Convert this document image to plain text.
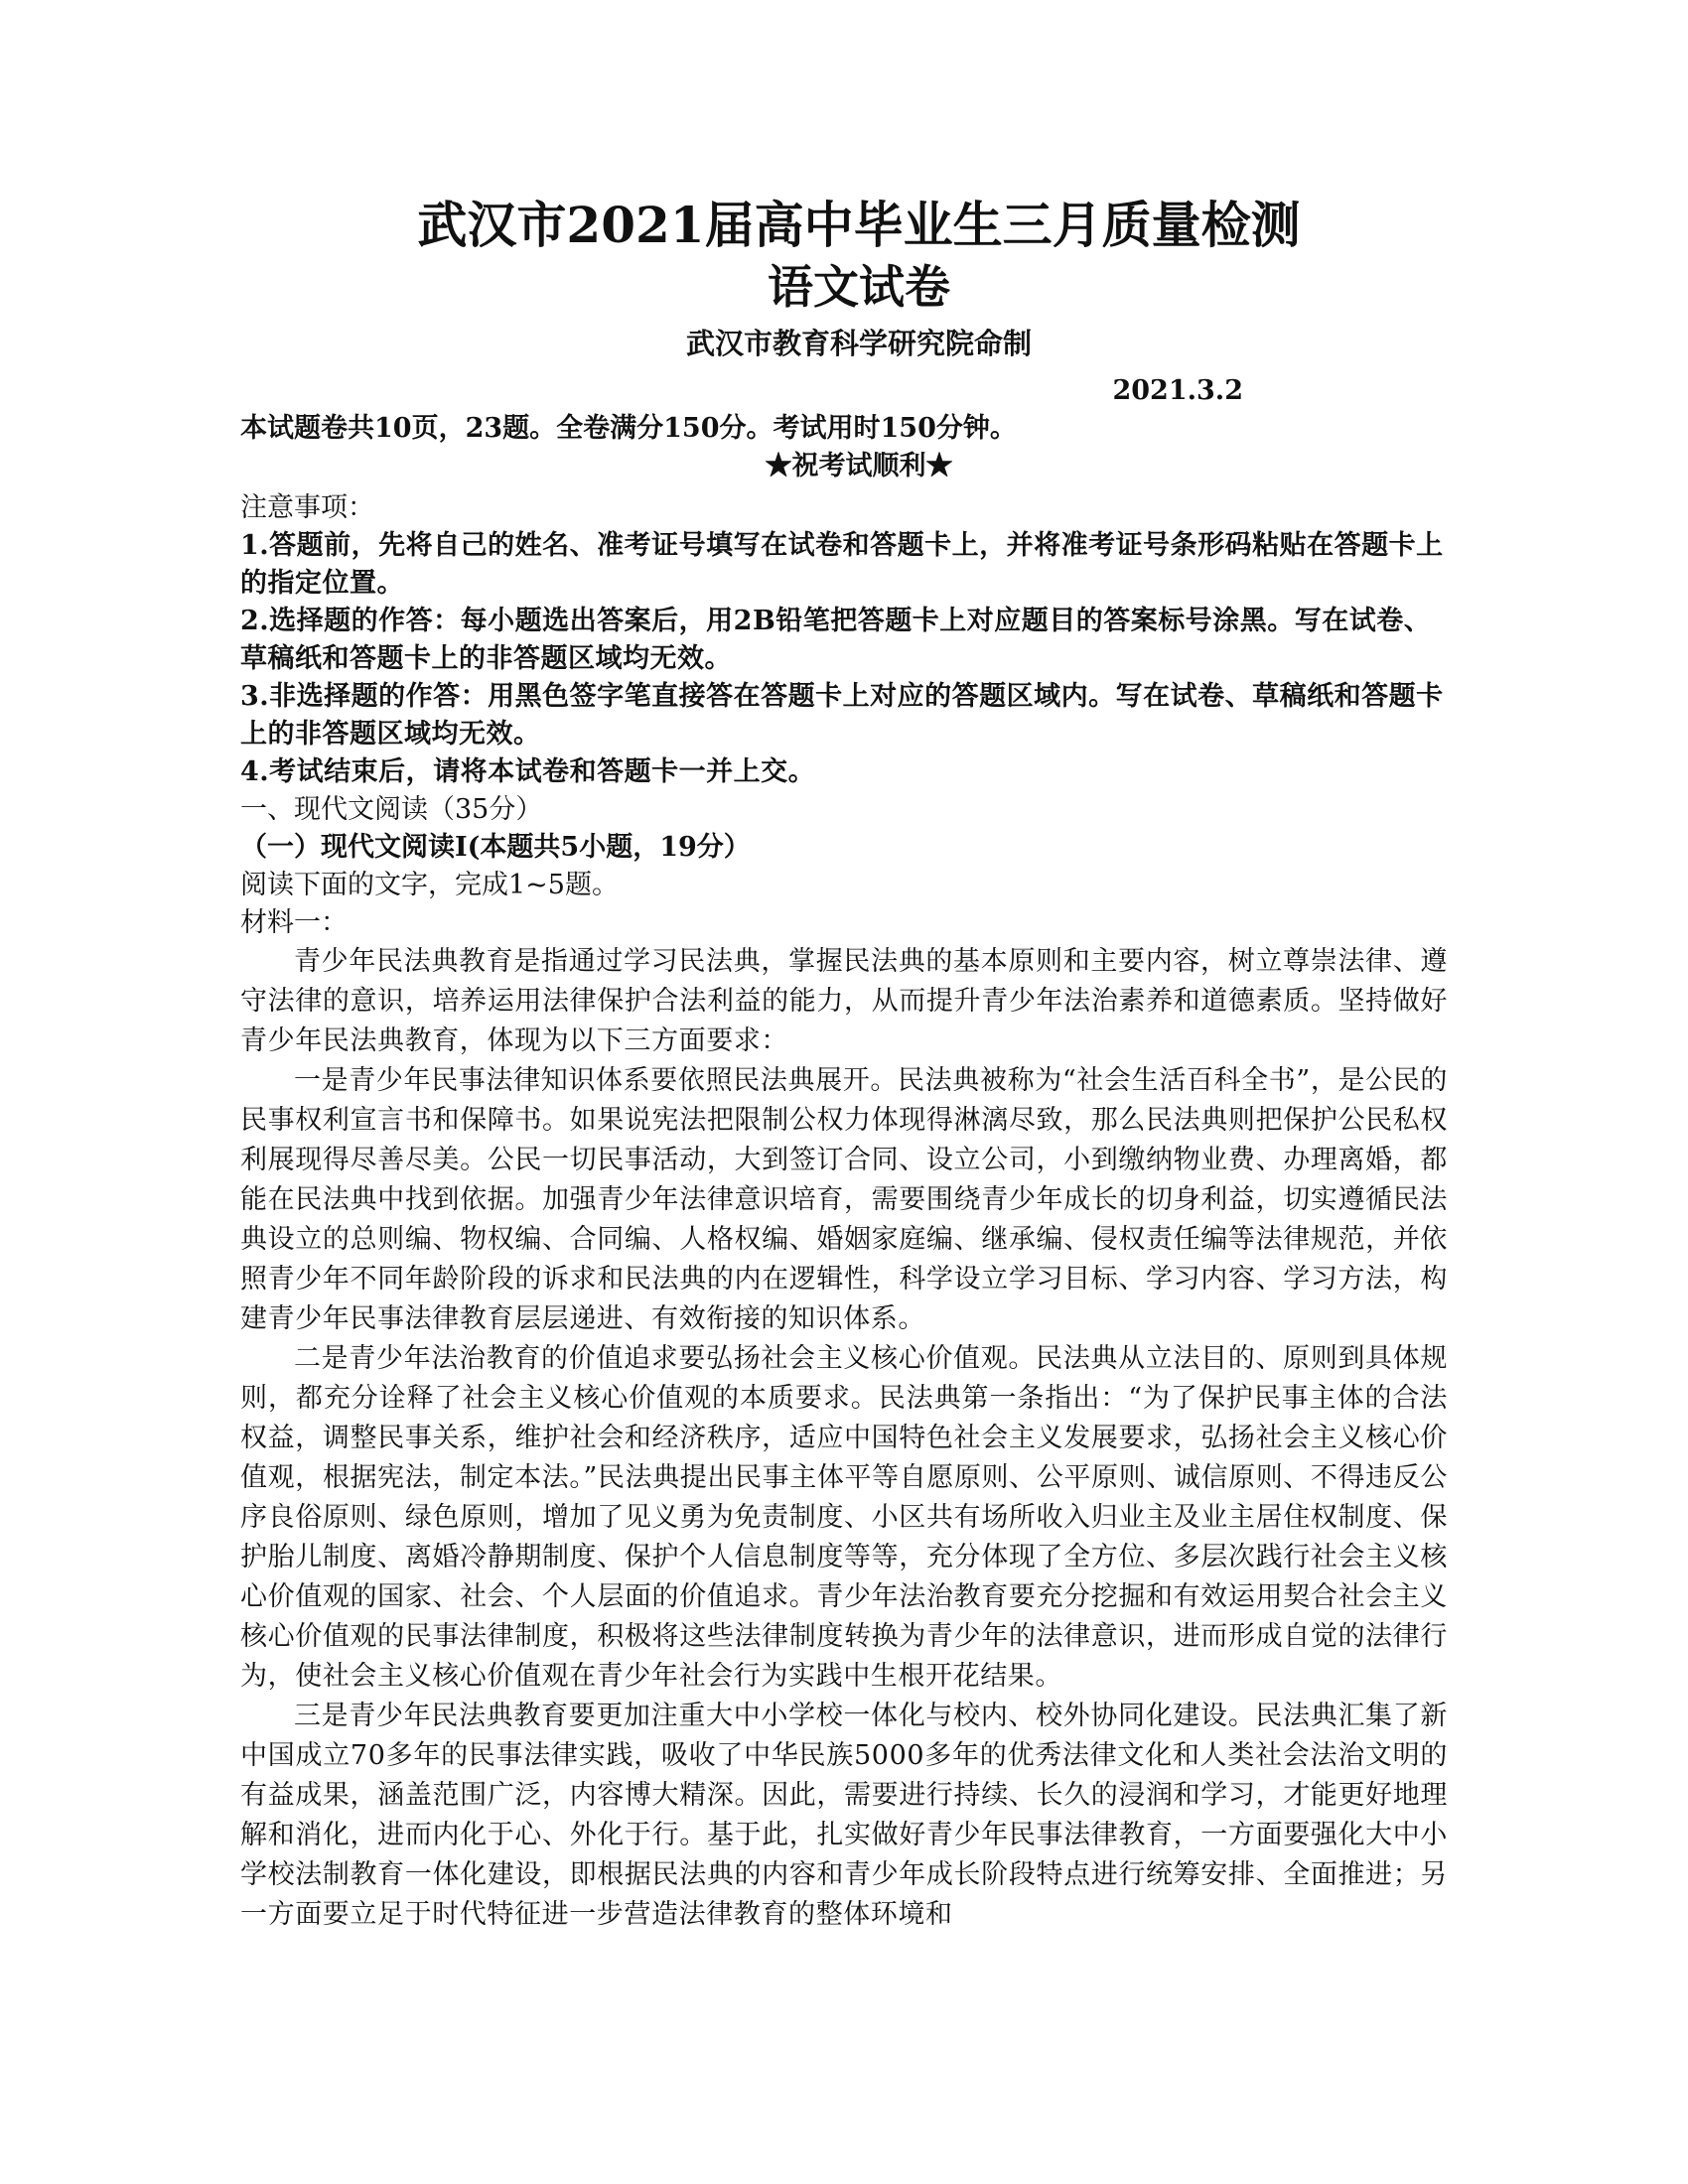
武汉市2021届高中毕业生三月质量检测
语文试卷
武汉市教育科学研究院命制
2021.3.2
本试题卷共10页，23题。全卷满分150分。考试用时150分钟。
★祝考试顺利★
注意事项：
1.答题前，先将自己的姓名、准考证号填写在试卷和答题卡上，并将准考证号条形码粘贴在答题卡上的指定位置。
2.选择题的作答：每小题选出答案后，用2B铅笔把答题卡上对应题目的答案标号涂黑。写在试卷、草稿纸和答题卡上的非答题区域均无效。
3.非选择题的作答：用黑色签字笔直接答在答题卡上对应的答题区域内。写在试卷、草稿纸和答题卡上的非答题区域均无效。
4.考试结束后，请将本试卷和答题卡一并上交。
一、现代文阅读（35分）
（一）现代文阅读I(本题共5小题，19分）
阅读下面的文字，完成1~5题。
材料一：

青少年民法典教育是指通过学习民法典，掌握民法典的基本原则和主要内容，树立尊崇法律、遵守法律的意识，培养运用法律保护合法利益的能力，从而提升青少年法治素养和道德素质。坚持做好青少年民法典教育，体现为以下三方面要求：

一是青少年民事法律知识体系要依照民法典展开。民法典被称为“社会生活百科全书”，是公民的民事权利宣言书和保障书。如果说宪法把限制公权力体现得淋漓尽致，那么民法典则把保护公民私权利展现得尽善尽美。公民一切民事活动，大到签订合同、设立公司，小到缴纳物业费、办理离婚，都能在民法典中找到依据。加强青少年法律意识培育，需要围绕青少年成长的切身利益，切实遵循民法典设立的总则编、物权编、合同编、人格权编、婚姻家庭编、继承编、侵权责任编等法律规范，并依照青少年不同年龄阶段的诉求和民法典的内在逻辑性，科学设立学习目标、学习内容、学习方法，构建青少年民事法律教育层层递进、有效衔接的知识体系。

二是青少年法治教育的价值追求要弘扬社会主义核心价值观。民法典从立法目的、原则到具体规则，都充分诠释了社会主义核心价值观的本质要求。民法典第一条指出：“为了保护民事主体的合法权益，调整民事关系，维护社会和经济秩序，适应中国特色社会主义发展要求，弘扬社会主义核心价值观，根据宪法，制定本法。”民法典提出民事主体平等自愿原则、公平原则、诚信原则、不得违反公序良俗原则、绿色原则，增加了见义勇为免责制度、小区共有场所收入归业主及业主居住权制度、保护胎儿制度、离婚冷静期制度、保护个人信息制度等等，充分体现了全方位、多层次践行社会主义核心价值观的国家、社会、个人层面的价值追求。青少年法治教育要充分挖掘和有效运用契合社会主义核心价值观的民事法律制度，积极将这些法律制度转换为青少年的法律意识，进而形成自觉的法律行为，使社会主义核心价值观在青少年社会行为实践中生根开花结果。

三是青少年民法典教育要更加注重大中小学校一体化与校内、校外协同化建设。民法典汇集了新中国成立70多年的民事法律实践，吸收了中华民族5000多年的优秀法律文化和人类社会法治文明的有益成果，涵盖范围广泛，内容博大精深。因此，需要进行持续、长久的浸润和学习，才能更好地理解和消化，进而内化于心、外化于行。基于此，扎实做好青少年民事法律教育，一方面要强化大中小学校法制教育一体化建设，即根据民法典的内容和青少年成长阶段特点进行统筹安排、全面推进；另一方面要立足于时代特征进一步营造法律教育的整体环境和
